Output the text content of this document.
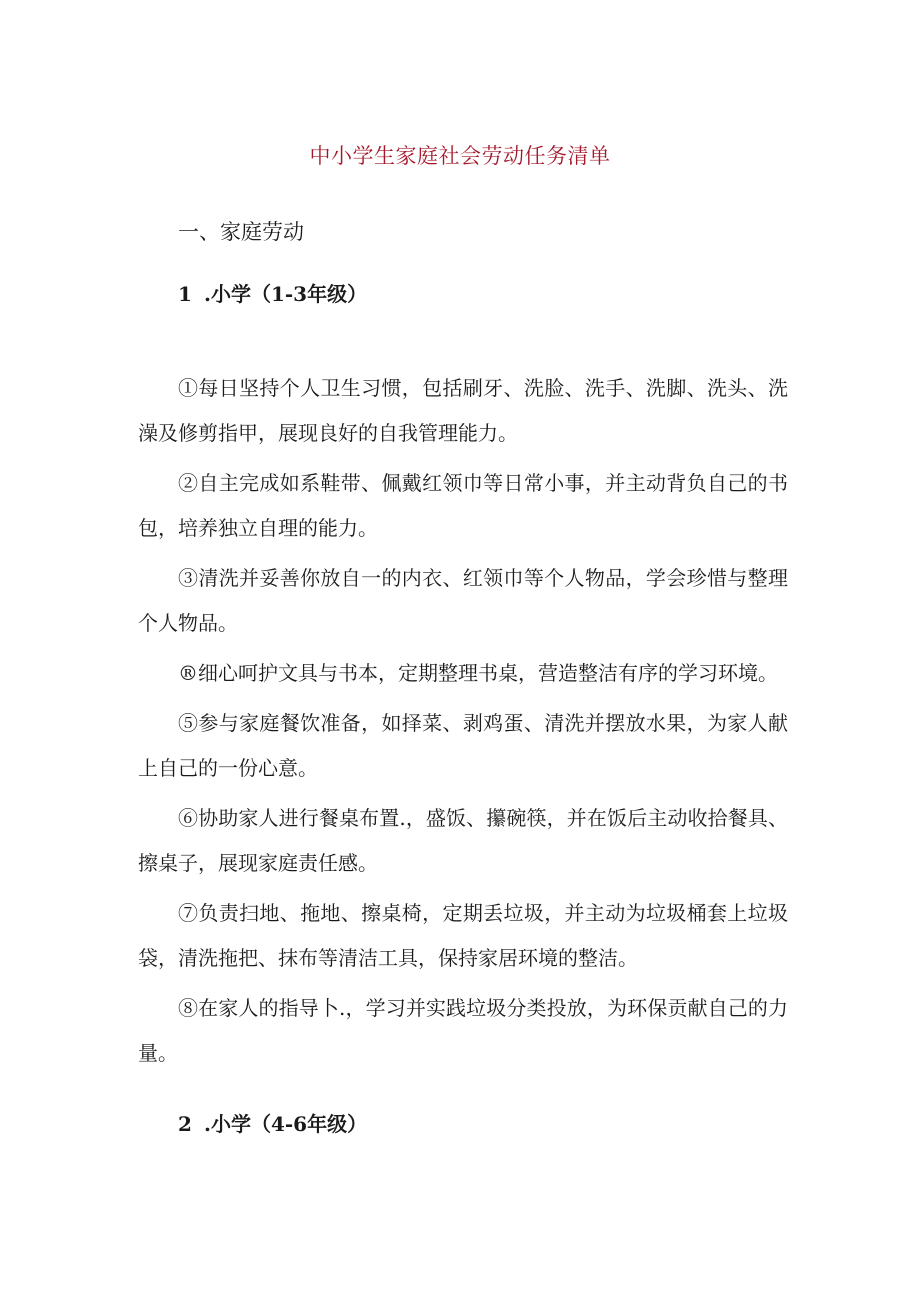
中小学生家庭社会劳动任务清单
一、家庭劳动
1 .小学（1-3年级）

①每日坚持个人卫生习惯，包括刷牙、洗脸、洗手、洗脚、洗头、洗澡及修剪指甲，展现良好的自我管理能力。

②自主完成如系鞋带、佩戴红领巾等日常小事，并主动背负自己的书包，培养独立自理的能力。

③清洗并妥善你放自一的内衣、红领巾等个人物品，学会珍惜与整理个人物品。

®细心呵护文具与书本，定期整理书桌，营造整洁有序的学习环境。

⑤参与家庭餐饮准备，如择菜、剥鸡蛋、清洗并摆放水果，为家人献上自己的一份心意。

⑥协助家人进行餐桌布置.，盛饭、攥碗筷，并在饭后主动收拾餐具、擦桌子，展现家庭责任感。

⑦负责扫地、拖地、擦桌椅，定期丢垃圾，并主动为垃圾桶套上垃圾袋，清洗拖把、抹布等清洁工具，保持家居环境的整洁。

⑧在家人的指导卜.，学习并实践垃圾分类投放，为环保贡献自己的力量。

2 .小学（4-6年级）
